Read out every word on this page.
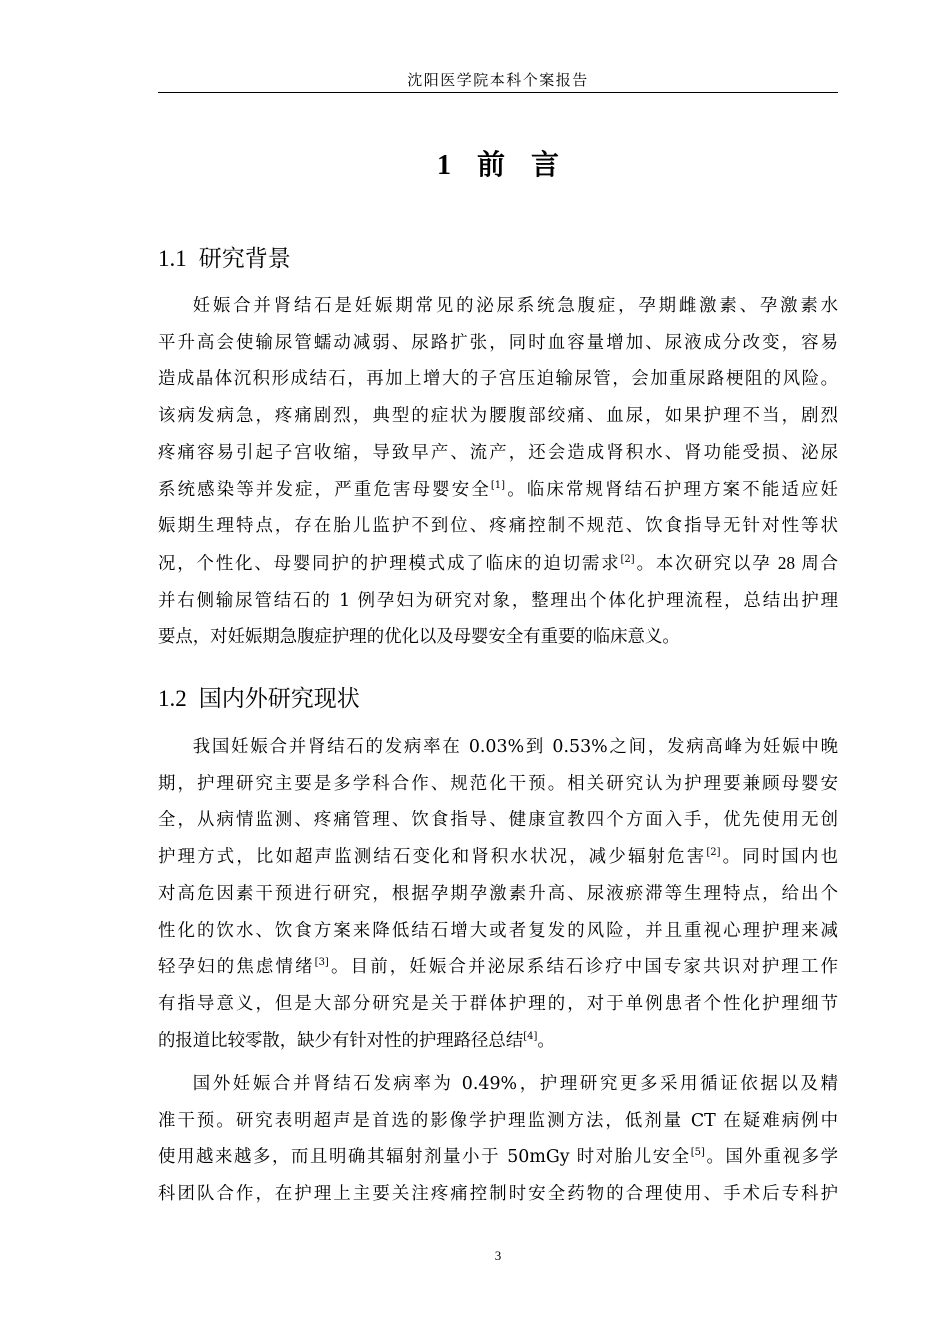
沈阳医学院本科个案报告
1 前 言
1.1 研究背景
妊娠合并肾结石是妊娠期常见的泌尿系统急腹症，孕期雌激素、孕激素水
平升高会使输尿管蠕动减弱、尿路扩张，同时血容量增加、尿液成分改变，容易
造成晶体沉积形成结石，再加上增大的子宫压迫输尿管，会加重尿路梗阻的风险。
该病发病急，疼痛剧烈，典型的症状为腰腹部绞痛、血尿，如果护理不当，剧烈
疼痛容易引起子宫收缩，导致早产、流产，还会造成肾积水、肾功能受损、泌尿
系统感染等并发症，严重危害母婴安全[1]。临床常规肾结石护理方案不能适应妊
娠期生理特点，存在胎儿监护不到位、疼痛控制不规范、饮食指导无针对性等状
况，个性化、母婴同护的护理模式成了临床的迫切需求[2]。本次研究以孕 28 周合
并右侧输尿管结石的 1 例孕妇为研究对象，整理出个体化护理流程，总结出护理
要点，对妊娠期急腹症护理的优化以及母婴安全有重要的临床意义。
1.2 国内外研究现状
我国妊娠合并肾结石的发病率在 0.03%到 0.53%之间，发病高峰为妊娠中晚
期，护理研究主要是多学科合作、规范化干预。相关研究认为护理要兼顾母婴安
全，从病情监测、疼痛管理、饮食指导、健康宣教四个方面入手，优先使用无创
护理方式，比如超声监测结石变化和肾积水状况，减少辐射危害[2]。同时国内也
对高危因素干预进行研究，根据孕期孕激素升高、尿液瘀滞等生理特点，给出个
性化的饮水、饮食方案来降低结石增大或者复发的风险，并且重视心理护理来减
轻孕妇的焦虑情绪[3]。目前，妊娠合并泌尿系结石诊疗中国专家共识对护理工作
有指导意义，但是大部分研究是关于群体护理的，对于单例患者个性化护理细节
的报道比较零散，缺少有针对性的护理路径总结[4]。
国外妊娠合并肾结石发病率为 0.49%，护理研究更多采用循证依据以及精
准干预。研究表明超声是首选的影像学护理监测方法，低剂量 CT 在疑难病例中
使用越来越多，而且明确其辐射剂量小于 50mGy 时对胎儿安全[5]。国外重视多学
科团队合作，在护理上主要关注疼痛控制时安全药物的合理使用、手术后专科护
3
